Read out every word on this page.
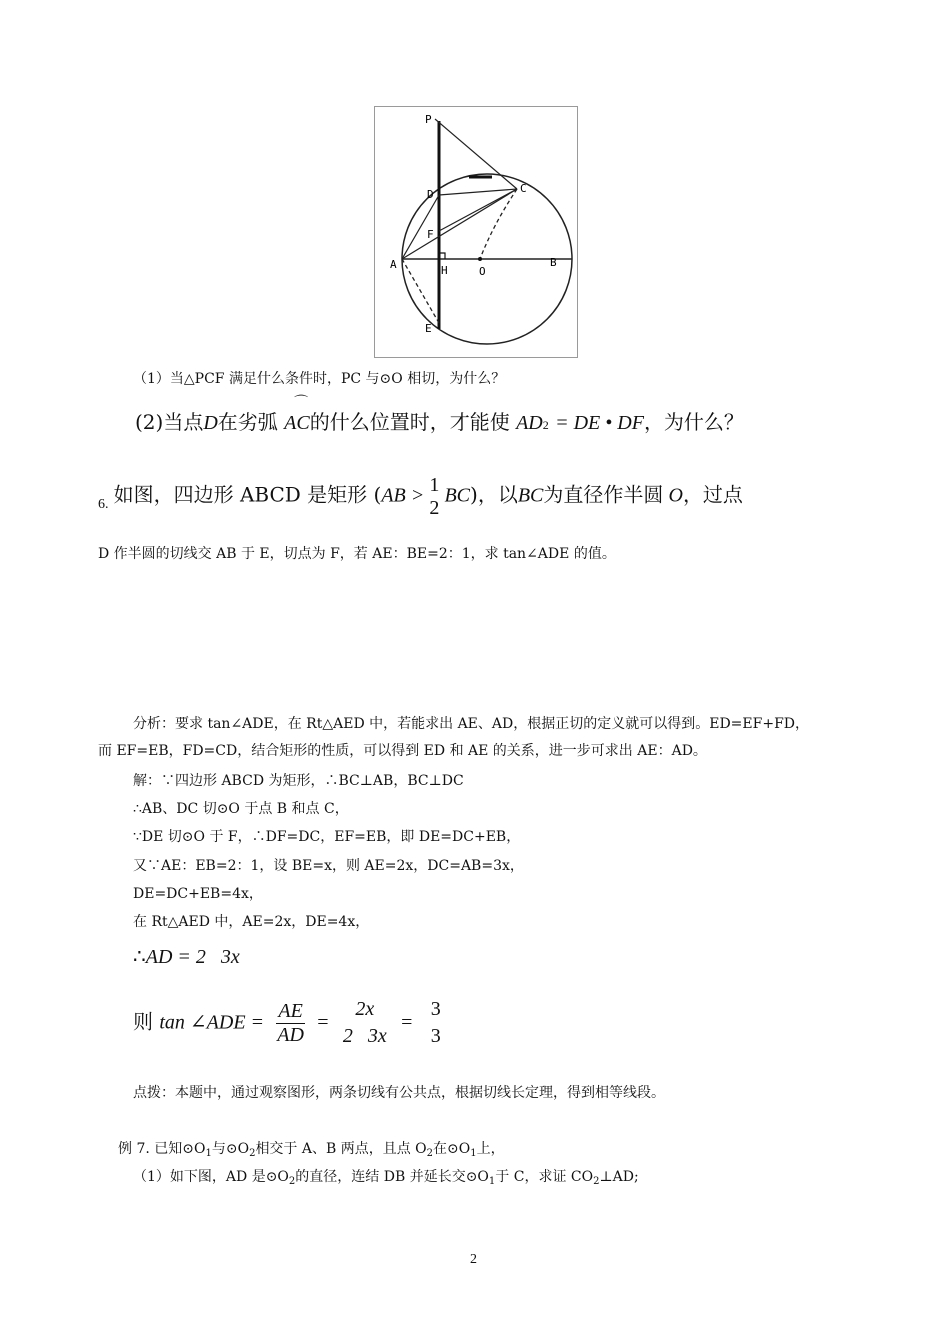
P
C
D
F
A	H	O
B
E
（1）当△PCF 满足什么条件时，PC 与⊙O 相切，为什么？
(2)当点D在劣弧
⌒
AC的什么位置时，才能使 AD2 = DE • DF，为什么？
6. 如图，四边形 ABCD 是矩形 (AB > 1
2
BC)，以BC为直径作半圆 O，过点
D 作半圆的切线交 AB 于 E，切点为 F，若 AE：BE=2：1，求 tan∠ADE 的值。
分析：要求 tan∠ADE，在 Rt△AED 中，若能求出 AE、AD，根据正切的定义就可以得到。ED=EF+FD，
而 EF=EB，FD=CD，结合矩形的性质，可以得到 ED 和 AE 的关系，进一步可求出 AE：AD。
解：∵四边形 ABCD 为矩形，∴BC⊥AB，BC⊥DC
∴AB、DC 切⊙O 于点 B 和点 C，
∵DE 切⊙O 于 F，∴DF=DC，EF=EB，即 DE=DC+EB，
又∵AE：EB=2：1，设 BE=x，则 AE=2x，DC=AB=3x，
DE=DC+EB=4x，
在 Rt△AED 中，AE=2x，DE=4x，
∴AD = 2   3x
则 tan ∠ADE = $\frac{AE}{AD}$ =
2x
2   3x
=
3
3
点拨：本题中，通过观察图形，两条切线有公共点，根据切线长定理，得到相等线段。
例 7. 已知$⊙O_1$与$⊙O_2$相交于 A、B 两点，且点 $O_2$在$⊙O_1$上，
（1）如下图，AD 是$⊙O_2$的直径，连结 DB 并延长交$⊙O_1$于 C，求证 $CO_2\perp AD$;
2
